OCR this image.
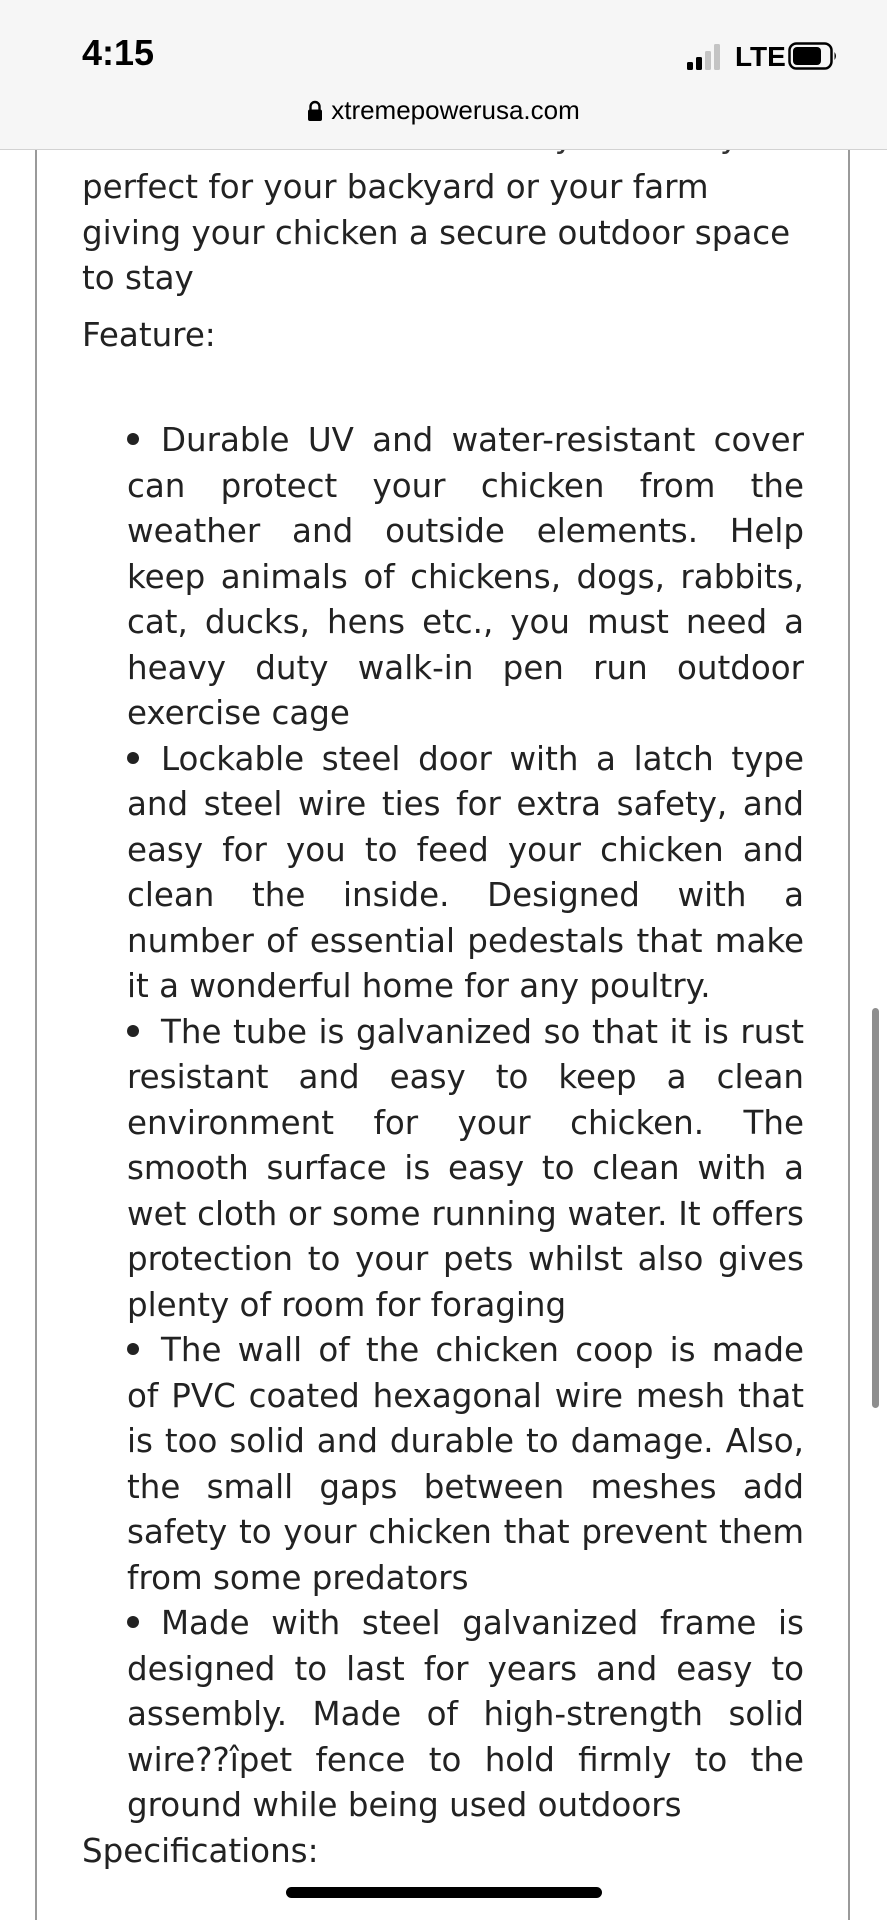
perfect for your backyard or your farm giving your chicken a secure outdoor space to stay

Feature:

Durable UV and water-resistant cover can protect your chicken from the weather and outside elements. Help keep animals of chickens, dogs, rabbits, cat, ducks, hens etc., you must need a heavy duty walk-in pen run outdoor exercise cage
Lockable steel door with a latch type and steel wire ties for extra safety, and easy for you to feed your chicken and clean the inside. Designed with a number of essential pedestals that make it a wonderful home for any poultry.
The tube is galvanized so that it is rust resistant and easy to keep a clean environment for your chicken. The smooth surface is easy to clean with a wet cloth or some running water. It offers protection to your pets whilst also gives plenty of room for foraging
The wall of the chicken coop is made of PVC coated hexagonal wire mesh that is too solid and durable to damage. Also, the small gaps between meshes add safety to your chicken that prevent them from some predators
Made with steel galvanized frame is designed to last for years and easy to assembly. Made of high-strength solid wire??îpet fence to hold firmly to the ground while being used outdoors

Specifications:

4:15	LTE
xtremepowerusa.com
